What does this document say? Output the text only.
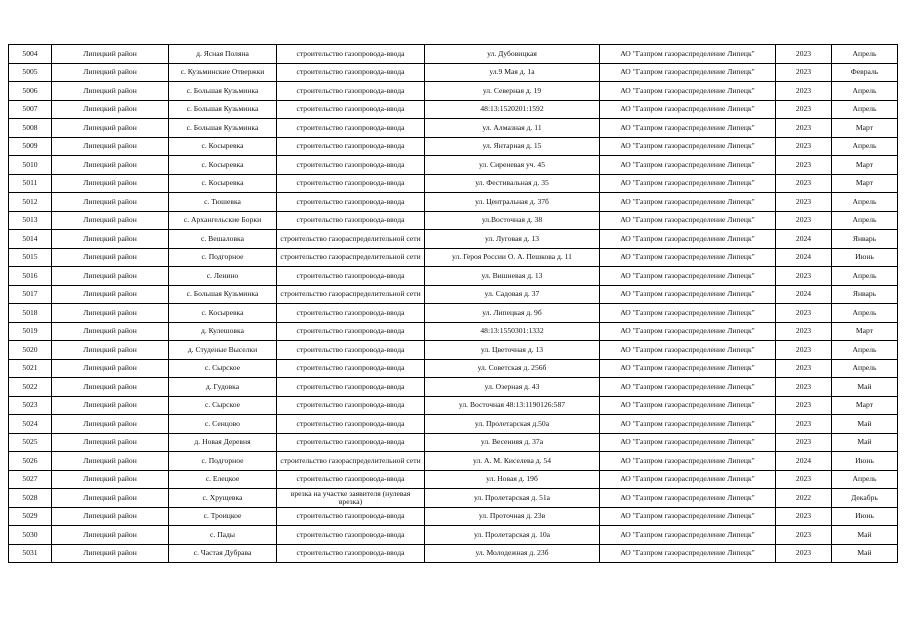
5004	Липецкий район	д. Ясная Поляна	строительство газопровода-ввода	ул. Дубовицкая	АО "Газпром газораспределение Липецк"	2023	Апрель
5005	Липецкий район	с. Кузьминские Отвержки	строительство газопровода-ввода	ул.9 Мая д. 1а	АО "Газпром газораспределение Липецк"	2023	Февраль
5006	Липецкий район	с. Большая Кузьминка	строительство газопровода-ввода	ул. Северная д. 19	АО "Газпром газораспределение Липецк"	2023	Апрель
5007	Липецкий район	с. Большая Кузьминка	строительство газопровода-ввода	48:13:1520201:1592	АО "Газпром газораспределение Липецк"	2023	Апрель
5008	Липецкий район	с. Большая Кузьминка	строительство газопровода-ввода	ул. Алмазная д. 11	АО "Газпром газораспределение Липецк"	2023	Март
5009	Липецкий район	с. Косыревка	строительство газопровода-ввода	ул. Янтарная д. 15	АО "Газпром газораспределение Липецк"	2023	Апрель
5010	Липецкий район	с. Косыревка	строительство газопровода-ввода	ул. Сиреневая уч. 45	АО "Газпром газораспределение Липецк"	2023	Март
5011	Липецкий район	с. Косыревка	строительство газопровода-ввода	ул. Фестивальная д. 35	АО "Газпром газораспределение Липецк"	2023	Март
5012	Липецкий район	с. Тюшевка	строительство газопровода-ввода	ул. Центральная д. 37б	АО "Газпром газораспределение Липецк"	2023	Апрель
5013	Липецкий район	с. Архангельские Борки	строительство газопровода-ввода	ул.Восточная д. 38	АО "Газпром газораспределение Липецк"	2023	Апрель
5014	Липецкий район	с. Вешаловка	строительство газораспределительной сети	ул. Луговая д. 13	АО "Газпром газораспределение Липецк"	2024	Январь
5015	Липецкий район	с. Подгорное	строительство газораспределительной сети	ул. Героя России О. А. Пешкова д. 11	АО "Газпром газораспределение Липецк"	2024	Июнь
5016	Липецкий район	с. Ленино	строительство газопровода-ввода	ул. Вишневая д. 13	АО "Газпром газораспределение Липецк"	2023	Апрель
5017	Липецкий район	с. Большая Кузьминка	строительство газораспределительной сети	ул. Садовая д. 37	АО "Газпром газораспределение Липецк"	2024	Январь
5018	Липецкий район	с. Косыревка	строительство газопровода-ввода	ул. Липецкая д. 9б	АО "Газпром газораспределение Липецк"	2023	Апрель
5019	Липецкий район	д. Кулешовка	строительство газопровода-ввода	48:13:1550301:1332	АО "Газпром газораспределение Липецк"	2023	Март
5020	Липецкий район	д. Студеные Выселки	строительство газопровода-ввода	ул. Цветочная д. 13	АО "Газпром газораспределение Липецк"	2023	Апрель
5021	Липецкий район	с. Сырское	строительство газопровода-ввода	ул. Советская д. 256б	АО "Газпром газораспределение Липецк"	2023	Апрель
5022	Липецкий район	д. Гудовка	строительство газопровода-ввода	ул. Озерная д. 43	АО "Газпром газораспределение Липецк"	2023	Май
5023	Липецкий район	с. Сырское	строительство газопровода-ввода	ул. Восточная 48:13:1190126:587	АО "Газпром газораспределение Липецк"	2023	Март
5024	Липецкий район	с. Сенцово	строительство газопровода-ввода	ул. Пролетарская д.50а	АО "Газпром газораспределение Липецк"	2023	Май
5025	Липецкий район	д. Новая Деревня	строительство газопровода-ввода	ул. Весенняя д. 37а	АО "Газпром газораспределение Липецк"	2023	Май
5026	Липецкий район	с. Подгорное	строительство газораспределительной сети	ул. А. М. Киселева д. 54	АО "Газпром газораспределение Липецк"	2024	Июнь
5027	Липецкий район	с. Елецкое	строительство газопровода-ввода	ул. Новая д. 19б	АО "Газпром газораспределение Липецк"	2023	Апрель
5028	Липецкий район	с. Хрущевка	врезка на участке заявителя (нулевая врезка)	ул. Пролетарская д. 51а	АО "Газпром газораспределение Липецк"	2022	Декабрь
5029	Липецкий район	с. Троицкое	строительство газопровода-ввода	ул. Проточная д. 23в	АО "Газпром газораспределение Липецк"	2023	Июнь
5030	Липецкий район	с. Пады	строительство газопровода-ввода	ул. Пролетарская д. 10а	АО "Газпром газораспределение Липецк"	2023	Май
5031	Липецкий район	с. Частая Дубрава	строительство газопровода-ввода	ул. Молодежная д. 23б	АО "Газпром газораспределение Липецк"	2023	Май
